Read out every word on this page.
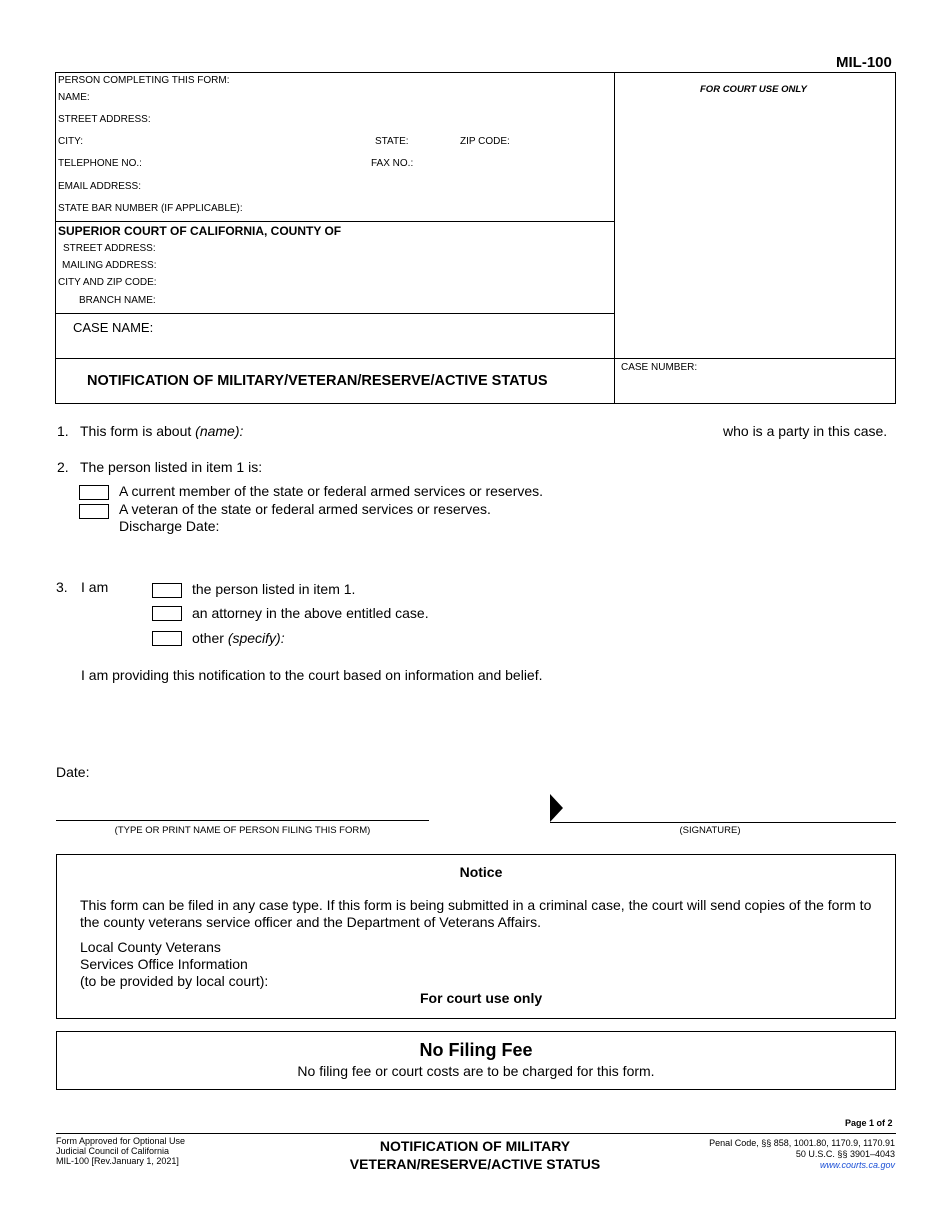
MIL-100
FOR COURT USE ONLY
PERSON COMPLETING THIS FORM:
NAME:
STREET ADDRESS:
CITY:	STATE:	ZIP CODE:
TELEPHONE NO.:	FAX NO.:
EMAIL ADDRESS:
STATE BAR NUMBER (IF APPLICABLE):
SUPERIOR COURT OF CALIFORNIA, COUNTY OF
STREET ADDRESS:
MAILING ADDRESS:
CITY AND ZIP CODE:
BRANCH NAME:
CASE NAME:
NOTIFICATION OF MILITARY/VETERAN/RESERVE/ACTIVE STATUS
CASE NUMBER:
1. This form is about (name):	who is a party in this case.
2. The person listed in item 1 is:
A current member of the state or federal armed services or reserves.
A veteran of the state or federal armed services or reserves.
Discharge Date:
3. I am	the person listed in item 1.
an attorney in the above entitled case.
other (specify):
I am providing this notification to the court based on information and belief.
Date:
(TYPE OR PRINT NAME OF PERSON FILING THIS FORM)	(SIGNATURE)
Notice
This form can be filed in any case type. If this form is being submitted in a criminal case, the court will send copies of the form to the county veterans service officer and the Department of Veterans Affairs.
Local County Veterans
Services Office Information
(to be provided by local court):
For court use only
No Filing Fee
No filing fee or court costs are to be charged for this form.
Page 1 of 2
Form Approved for Optional Use
Judicial Council of California
MIL-100 [Rev.January 1, 2021]
NOTIFICATION OF MILITARY
VETERAN/RESERVE/ACTIVE STATUS
Penal Code, §§ 858, 1001.80, 1170.9, 1170.91
50 U.S.C. §§ 3901–4043
www.courts.ca.gov
